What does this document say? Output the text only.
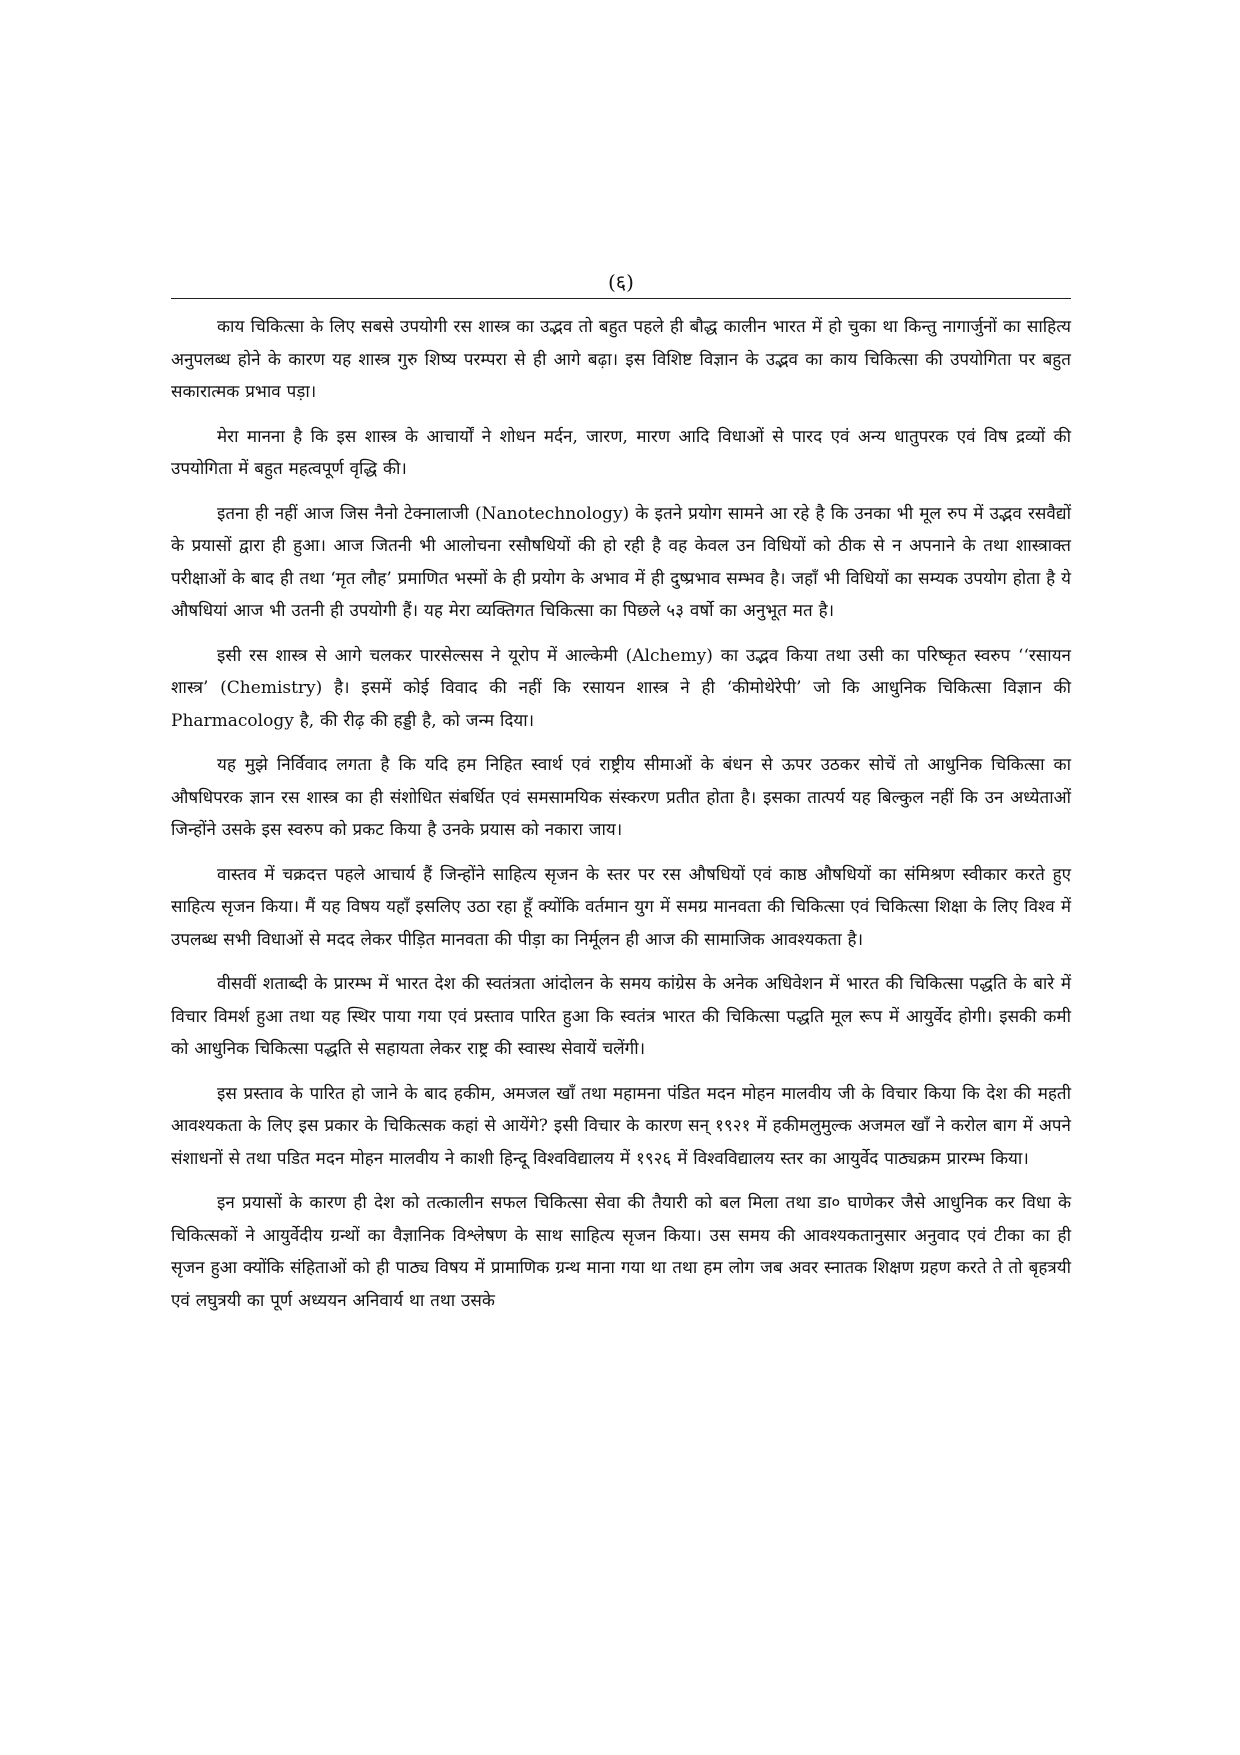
(६)

काय चिकित्सा के लिए सबसे उपयोगी रस शास्त्र का उद्भव तो बहुत पहले ही बौद्ध कालीन भारत में हो चुका था किन्तु नागार्जुनों का साहित्य अनुपलब्ध होने के कारण यह शास्त्र गुरु शिष्य परम्परा से ही आगे बढ़ा। इस विशिष्ट विज्ञान के उद्भव का काय चिकित्सा की उपयोगिता पर बहुत सकारात्मक प्रभाव पड़ा।

मेरा मानना है कि इस शास्त्र के आचार्यों ने शोधन मर्दन, जारण, मारण आदि विधाओं से पारद एवं अन्य धातुपरक एवं विष द्रव्यों की उपयोगिता में बहुत महत्वपूर्ण वृद्धि की।

इतना ही नहीं आज जिस नैनो टेक्नालाजी (Nanotechnology) के इतने प्रयोग सामने आ रहे है कि उनका भी मूल रुप में उद्भव रसवैद्यों के प्रयासों द्वारा ही हुआ। आज जितनी भी आलोचना रसौषधियों की हो रही है वह केवल उन विधियों को ठीक से न अपनाने के तथा शास्त्राक्त परीक्षाओं के बाद ही तथा ‘मृत लौह’ प्रमाणित भस्मों के ही प्रयोग के अभाव में ही दुष्प्रभाव सम्भव है। जहाँ भी विधियों का सम्यक उपयोग होता है ये औषधियां आज भी उतनी ही उपयोगी हैं। यह मेरा व्यक्तिगत चिकित्सा का पिछले ५३ वर्षो का अनुभूत मत है।

इसी रस शास्त्र से आगे चलकर पारसेल्सस ने यूरोप में आल्केमी (Alchemy) का उद्भव किया तथा उसी का परिष्कृत स्वरुप ‘‘रसायन शास्त्र’ (Chemistry) है। इसमें कोई विवाद की नहीं कि रसायन शास्त्र ने ही ‘कीमोथेरेपी’ जो कि आधुनिक चिकित्सा विज्ञान की Pharmacology है, की रीढ़ की हड्डी है, को जन्म दिया।

यह मुझे निर्विवाद लगता है कि यदि हम निहित स्वार्थ एवं राष्ट्रीय सीमाओं के बंधन से ऊपर उठकर सोचें तो आधुनिक चिकित्सा का औषधिपरक ज्ञान रस शास्त्र का ही संशोधित संबर्धित एवं समसामयिक संस्करण प्रतीत होता है। इसका तात्पर्य यह बिल्कुल नहीं कि उन अध्येताओं जिन्होंने उसके इस स्वरुप को प्रकट किया है उनके प्रयास को नकारा जाय।

वास्तव में चक्रदत्त पहले आचार्य हैं जिन्होंने साहित्य सृजन के स्तर पर रस औषधियों एवं काष्ठ औषधियों का संमिश्रण स्वीकार करते हुए साहित्य सृजन किया। मैं यह विषय यहाँ इसलिए उठा रहा हूँ क्योंकि वर्तमान युग में समग्र मानवता की चिकित्सा एवं चिकित्सा शिक्षा के लिए विश्व में उपलब्ध सभी विधाओं से मदद लेकर पीड़ित मानवता की पीड़ा का निर्मूलन ही आज की सामाजिक आवश्यकता है।

वीसवीं शताब्दी के प्रारम्भ में भारत देश की स्वतंत्रता आंदोलन के समय कांग्रेस के अनेक अधिवेशन में भारत की चिकित्सा पद्धति के बारे में विचार विमर्श हुआ तथा यह स्थिर पाया गया एवं प्रस्ताव पारित हुआ कि स्वतंत्र भारत की चिकित्सा पद्धति मूल रूप में आयुर्वेद होगी। इसकी कमी को आधुनिक चिकित्सा पद्धति से सहायता लेकर राष्ट्र की स्वास्थ सेवायें चलेंगी।

इस प्रस्ताव के पारित हो जाने के बाद हकीम, अमजल खाँ तथा महामना पंडित मदन मोहन मालवीय जी के विचार किया कि देश की महती आवश्यकता के लिए इस प्रकार के चिकित्सक कहां से आयेंगे? इसी विचार के कारण सन् १९२१ में हकीमलुमुल्क अजमल खाँ ने करोल बाग में अपने संशाधनों से तथा पडित मदन मोहन मालवीय ने काशी हिन्दू विश्वविद्यालय में १९२६ में विश्वविद्यालय स्तर का आयुर्वेद पाठ्यक्रम प्रारम्भ किया।

इन प्रयासों के कारण ही देश को तत्कालीन सफल चिकित्सा सेवा की तैयारी को बल मिला तथा डा० घाणेकर जैसे आधुनिक कर विधा के चिकित्सकों ने आयुर्वेदीय ग्रन्थों का वैज्ञानिक विश्लेषण के साथ साहित्य सृजन किया। उस समय की आवश्यकतानुसार अनुवाद एवं टीका का ही सृजन हुआ क्योंकि संहिताओं को ही पाठ्य विषय में प्रामाणिक ग्रन्थ माना गया था तथा हम लोग जब अवर स्नातक शिक्षण ग्रहण करते ते तो बृहत्रयी एवं लघुत्रयी का पूर्ण अध्ययन अनिवार्य था तथा उसके
